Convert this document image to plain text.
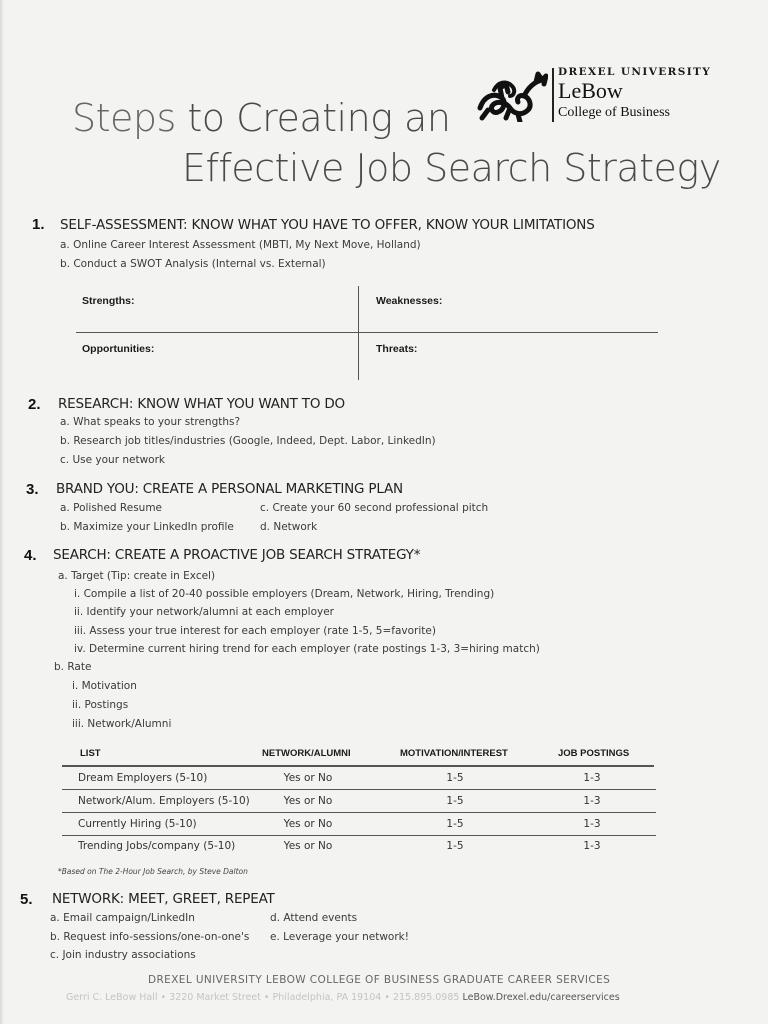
Steps to Creating an
Effective Job Search Strategy
DREXEL UNIVERSITY
LeBow
College of Business
1. SELF-ASSESSMENT: KNOW WHAT YOU HAVE TO OFFER, KNOW YOUR LIMITATIONS
a. Online Career Interest Assessment (MBTI, My Next Move, Holland)
b. Conduct a SWOT Analysis (Internal vs. External)
Strengths:	Weaknesses:
Opportunities:	Threats:
2. RESEARCH: KNOW WHAT YOU WANT TO DO
a. What speaks to your strengths?
b. Research job titles/industries (Google, Indeed, Dept. Labor, LinkedIn)
c. Use your network
3. BRAND YOU: CREATE A PERSONAL MARKETING PLAN
a. Polished Resume
b. Maximize your LinkedIn profile
c. Create your 60 second professional pitch
d. Network
4. SEARCH: CREATE A PROACTIVE JOB SEARCH STRATEGY*
a. Target (Tip: create in Excel)
i. Compile a list of 20-40 possible employers (Dream, Network, Hiring, Trending)
ii. Identify your network/alumni at each employer
iii. Assess your true interest for each employer (rate 1-5, 5=favorite)
iv. Determine current hiring trend for each employer (rate postings 1-3, 3=hiring match)
b. Rate
i. Motivation
ii. Postings
iii. Network/Alumni
LIST	NETWORK/ALUMNI	MOTIVATION/INTEREST	JOB POSTINGS
Dream Employers (5-10)	Yes or No	1-5	1-3
Network/Alum. Employers (5-10)	Yes or No	1-5	1-3
Currently Hiring (5-10)	Yes or No	1-5	1-3
Trending Jobs/company (5-10)	Yes or No	1-5	1-3
*Based on The 2-Hour Job Search, by Steve Dalton
5. NETWORK: MEET, GREET, REPEAT
a. Email campaign/LinkedIn
b. Request info-sessions/one-on-one's
c. Join industry associations
d. Attend events
e. Leverage your network!
DREXEL UNIVERSITY LEBOW COLLEGE OF BUSINESS GRADUATE CAREER SERVICES
Gerri C. LeBow Hall • 3220 Market Street • Philadelphia, PA 19104 • 215.895.0985 LeBow.Drexel.edu/careerservices
